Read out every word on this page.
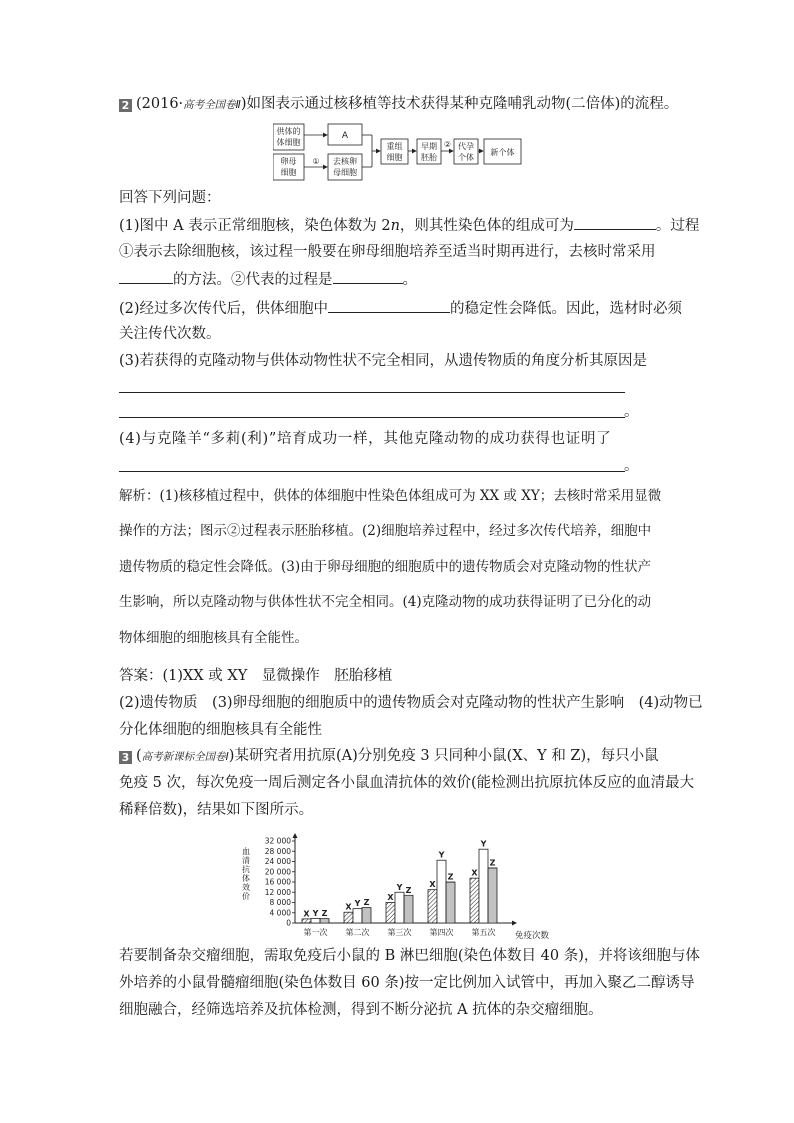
2 (2016·高考全国卷Ⅱ)如图表示通过核移植等技术获得某种克隆哺乳动物(二倍体)的流程。
供体的
体细胞
A
卵母
细胞
① 去核卵
母细胞
重组
细胞
早期
胚胎
② 代孕
个体
新个体
回答下列问题：
(1)图中 A 表示正常细胞核，染色体数为 2n，则其性染色体的组成可为	。过程
①表示去除细胞核，该过程一般要在卵母细胞培养至适当时期再进行，去核时常采用
的方法。②代表的过程是	。
(2)经过多次传代后，供体细胞中	的稳定性会降低。因此，选材时必须
关注传代次数。
(3)若获得的克隆动物与供体动物性状不完全相同，从遗传物质的角度分析其原因是
。
(4)与克隆羊“多莉(利)”培育成功一样，其他克隆动物的成功获得也证明了
。
解析：(1)核移植过程中，供体的体细胞中性染色体组成可为 XX 或 XY；去核时常采用显微
操作的方法；图示②过程表示胚胎移植。(2)细胞培养过程中，经过多次传代培养，细胞中
遗传物质的稳定性会降低。(3)由于卵母细胞的细胞质中的遗传物质会对克隆动物的性状产
生影响，所以克隆动物与供体性状不完全相同。(4)克隆动物的成功获得证明了已分化的动
物体细胞的细胞核具有全能性。
答案：(1)XX 或 XY　显微操作　胚胎移植
(2)遗传物质　(3)卵母细胞的细胞质中的遗传物质会对克隆动物的性状产生影响　(4)动物已
分化体细胞的细胞核具有全能性
3 (高考新课标全国卷Ⅰ)某研究者用抗原(A)分别免疫 3 只同种小鼠(X、Y 和 Z)，每只小鼠
免疫 5 次，每次免疫一周后测定各小鼠血清抗体的效价(能检测出抗原抗体反应的血清最大
稀释倍数)，结果如下图所示。
32 000
28 000
24 000
20 000
16 000
12 000
8 000
4 000
0
血
清
抗
体
效
价
X Y Z
第一次
X Y Z
第二次
X
Y Z
第三次
X
Y
Z
第四次
X
Y
Z
第五次 免疫次数
若要制备杂交瘤细胞，需取免疫后小鼠的 B 淋巴细胞(染色体数目 40 条)，并将该细胞与体
外培养的小鼠骨髓瘤细胞(染色体数目 60 条)按一定比例加入试管中，再加入聚乙二醇诱导
细胞融合，经筛选培养及抗体检测，得到不断分泌抗 A 抗体的杂交瘤细胞。
